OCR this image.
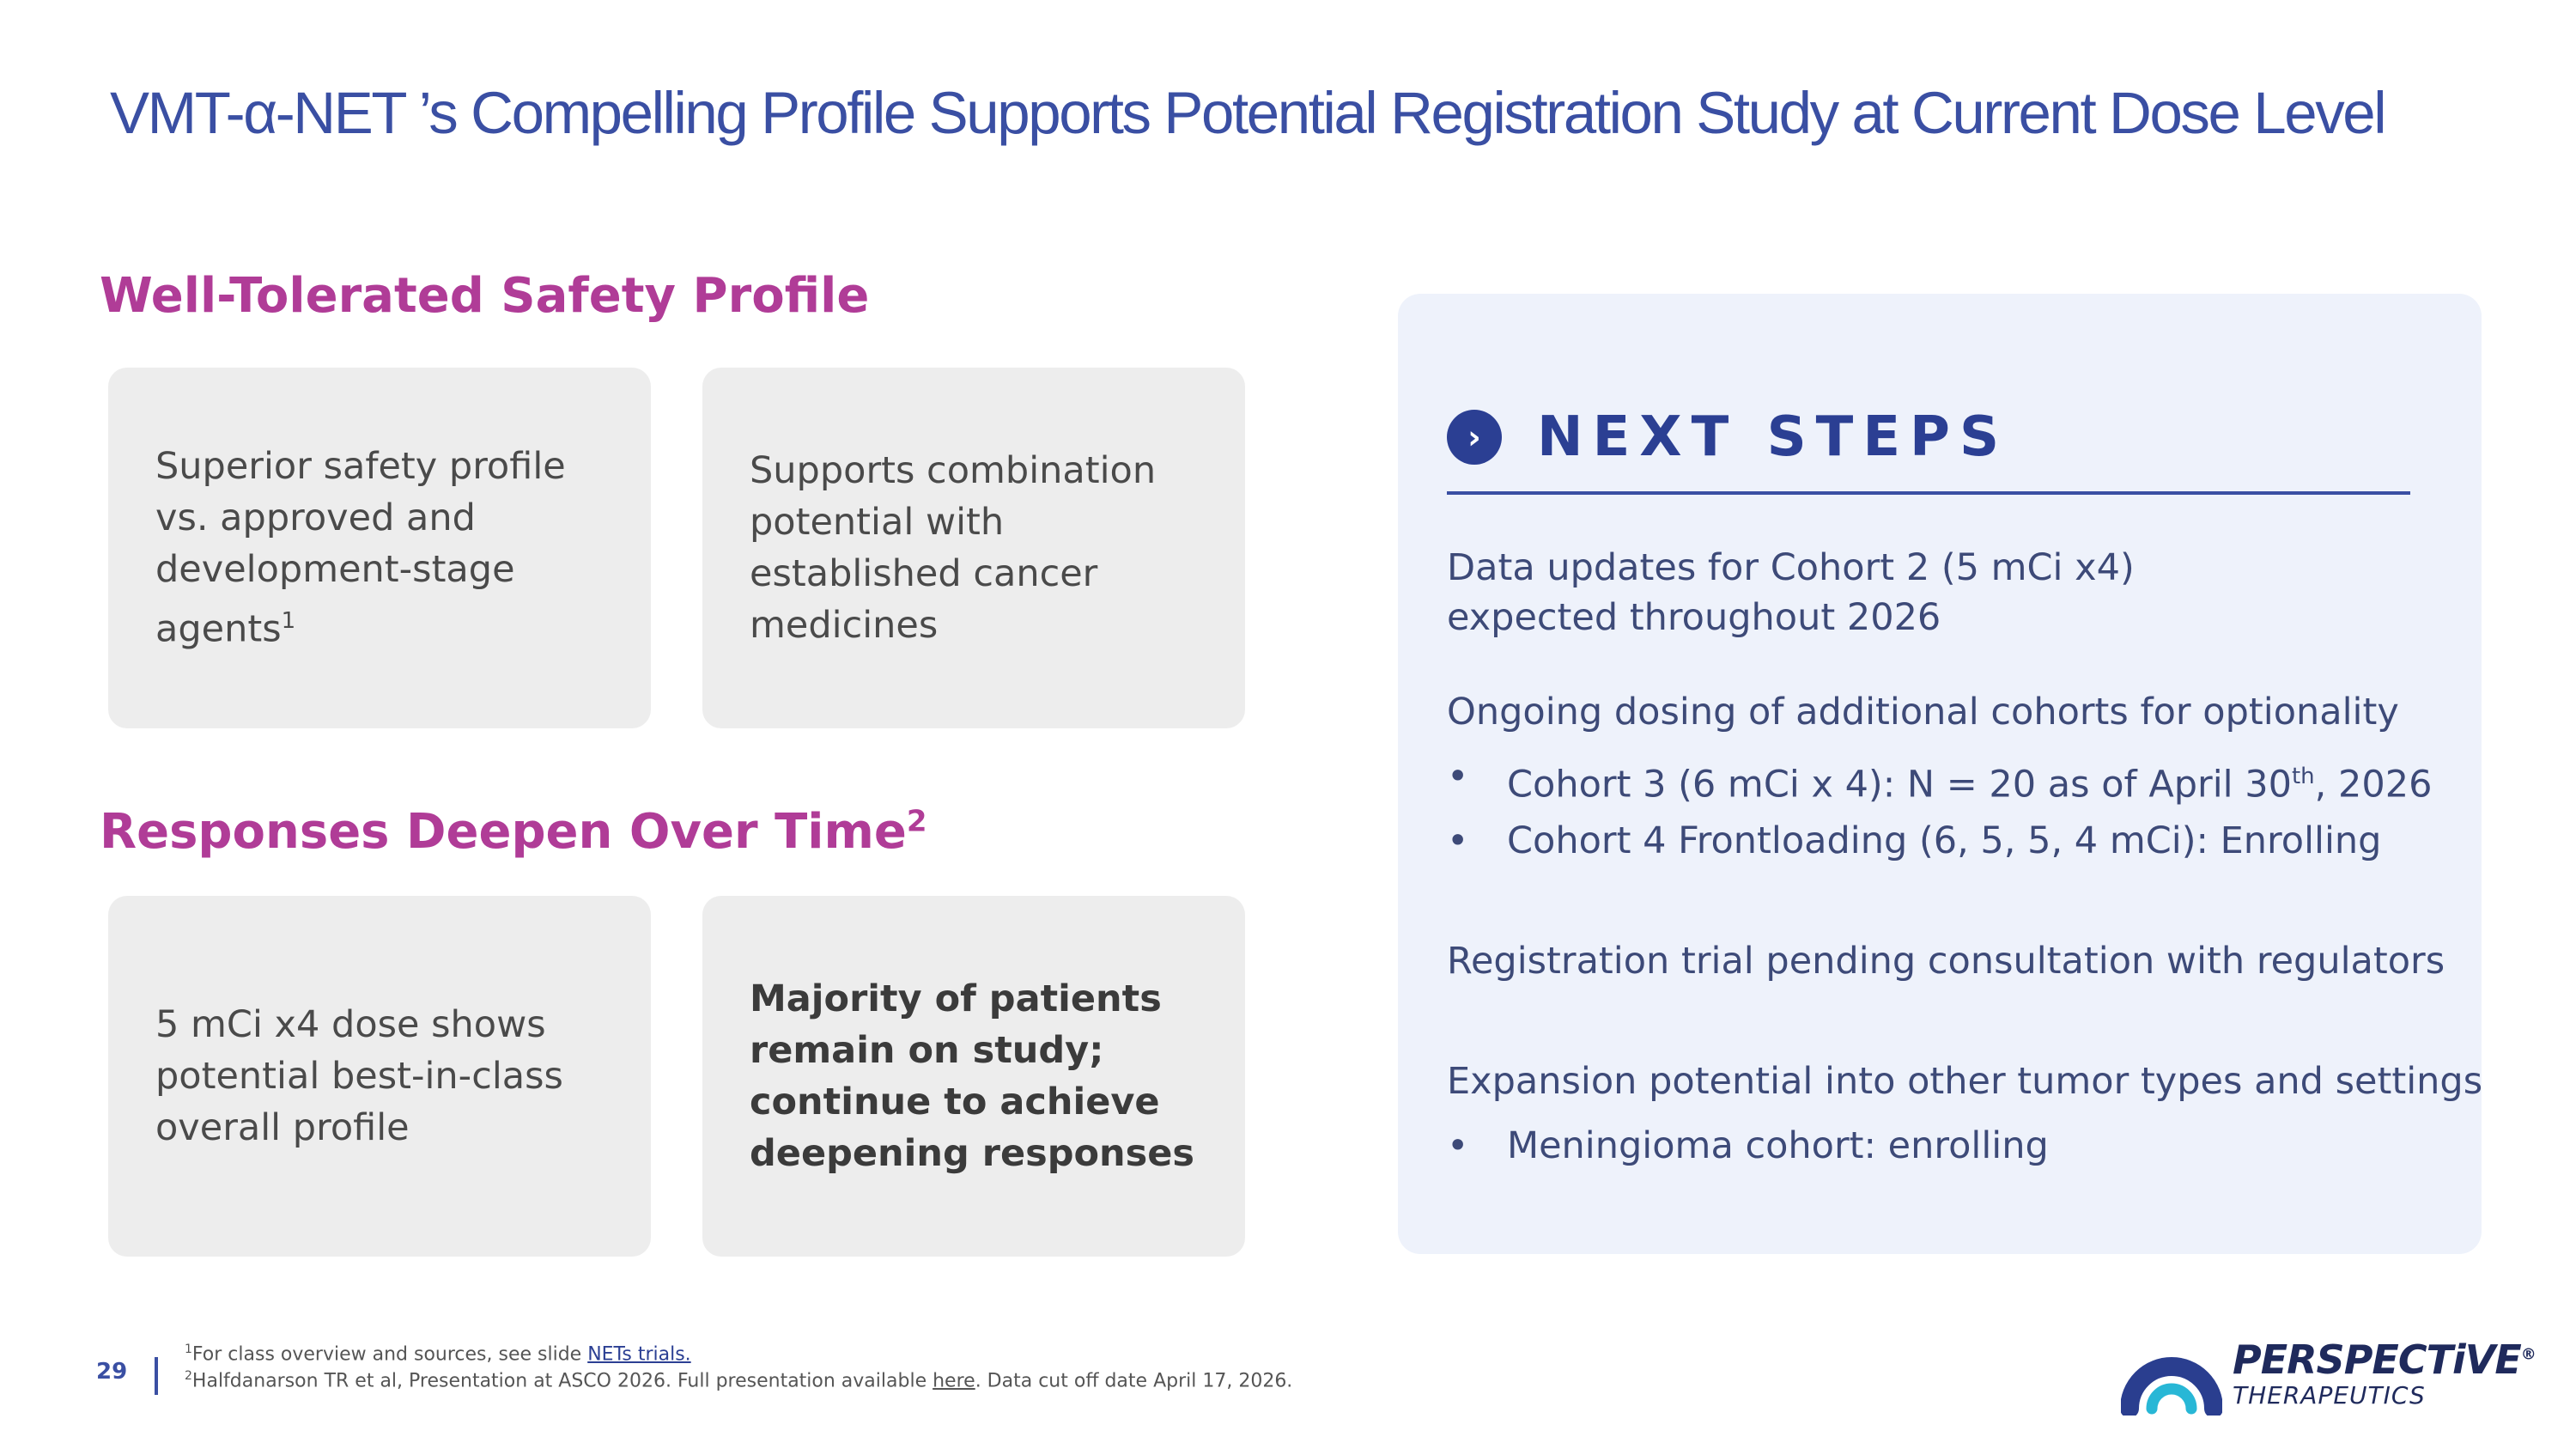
VMT-α-NET ’s Compelling Profile Supports Potential Registration Study at Current Dose Level
Well-Tolerated Safety Profile

Superior safety profile vs. approved and development-stage agents$^1$

Supports combination potential with established cancer medicines

Responses Deepen Over Time$^2$

5 mCi x4 dose shows potential best-in-class overall profile

Majority of patients remain on study; continue to achieve deepening responses

›	NEXT STEPS
Data updates for Cohort 2 (5 mCi x4) expected throughout 2026
Ongoing dosing of additional cohorts for optionality
• Cohort 3 (6 mCi x 4): N = 20 as of April 30th, 2026
• Cohort 4 Frontloading (6, 5, 5, 4 mCi): Enrolling
Registration trial pending consultation with regulators
Expansion potential into other tumor types and settings
• Meningioma cohort: enrolling
29
$^1$For class overview and sources, see slide NETs trials.
$^2$Halfdanarson TR et al, Presentation at ASCO 2026. Full presentation available here. Data cut off date April 17, 2026.	PERSPECTiVE®
THERAPEUTICS
